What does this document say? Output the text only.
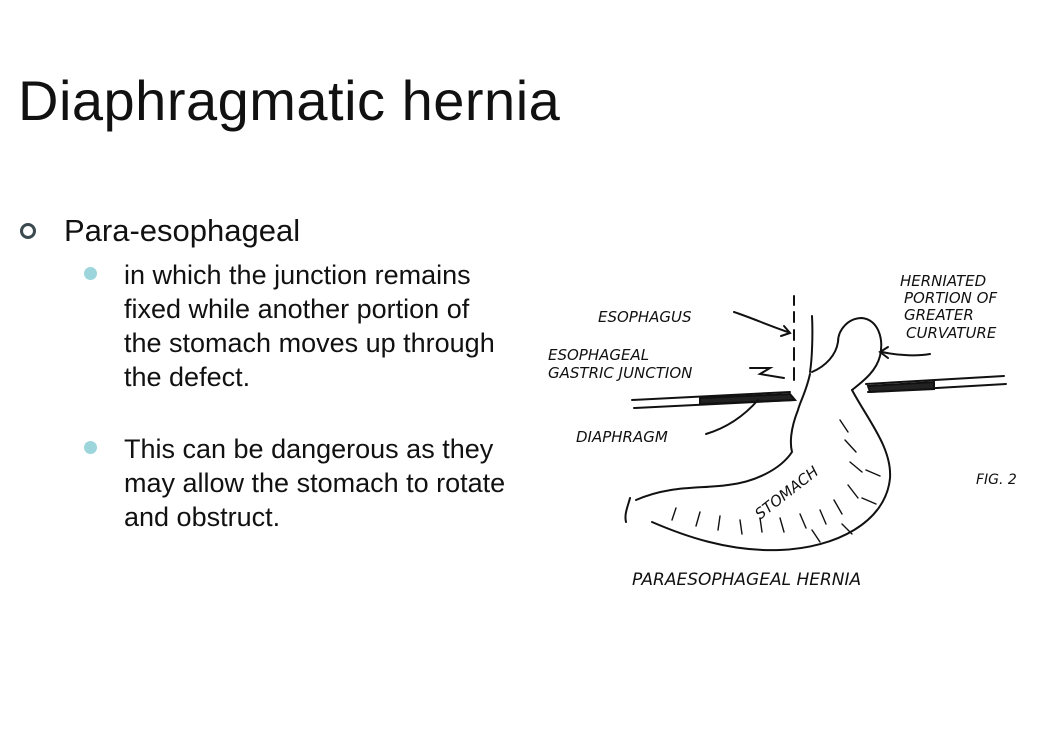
Diaphragmatic hernia
Para-esophageal
in which the junction remains fixed while another portion of the stomach moves up through the defect.
This can be dangerous as they may allow the stomach to rotate and obstruct.
ESOPHAGUS
ESOPHAGEAL
GASTRIC JUNCTION
DIAPHRAGM
HERNIATED
PORTION OF
GREATER
CURVATURE
STOMACH	FIG. 2
PARAESOPHAGEAL HERNIA
